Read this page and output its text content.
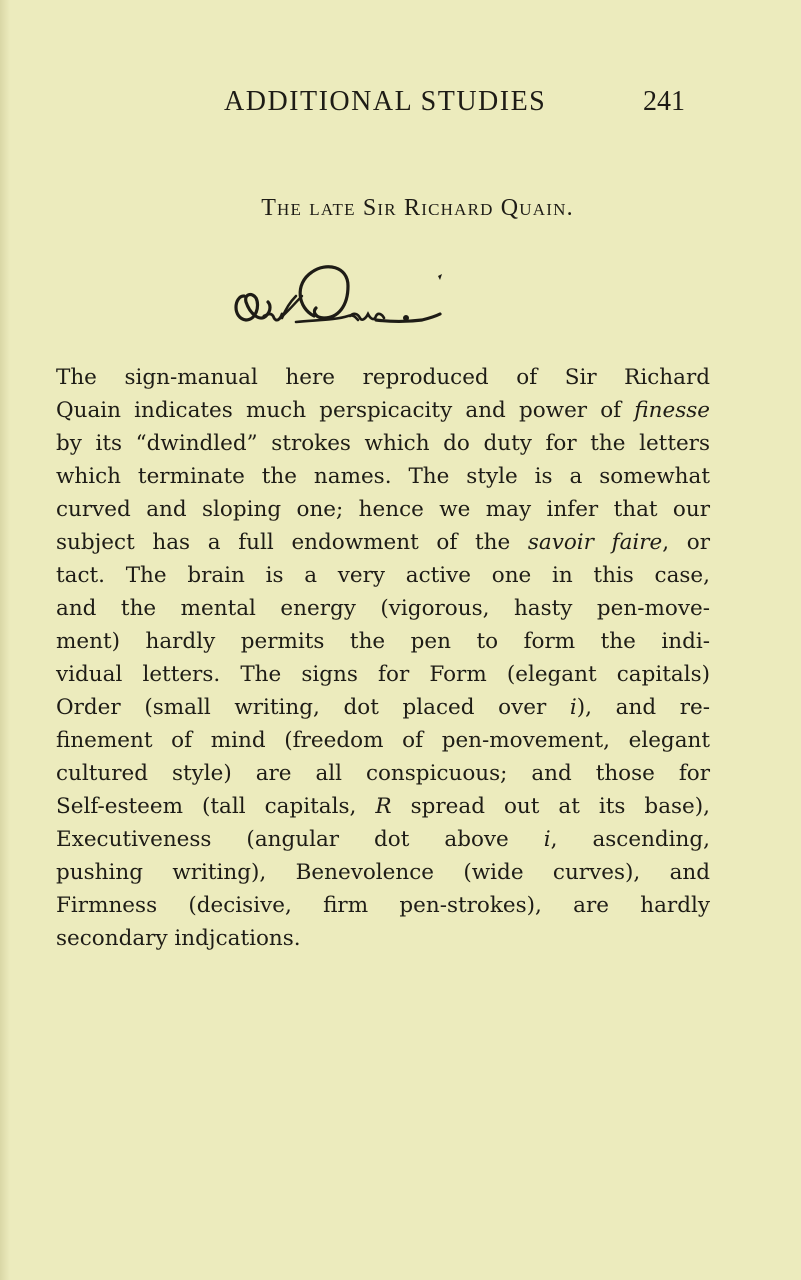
ADDITIONAL STUDIES	241
The late Sir Richard Quain.
The sign-manual here reproduced of Sir Richard
Quain indicates much perspicacity and power of finesse
by its “dwindled” strokes which do duty for the letters
which terminate the names. The style is a somewhat
curved and sloping one; hence we may infer that our
subject has a full endowment of the savoir faire, or
tact. The brain is a very active one in this case,
and the mental energy (vigorous, hasty pen-move-
ment) hardly permits the pen to form the indi-
vidual letters. The signs for Form (elegant capitals)
Order (small writing, dot placed over i), and re-
finement of mind (freedom of pen-movement, elegant
cultured style) are all conspicuous; and those for
Self-esteem (tall capitals, R spread out at its base),
Executiveness (angular dot above i, ascending,
pushing writing), Benevolence (wide curves), and
Firmness (decisive, firm pen-strokes), are hardly
secondary indjcations.
